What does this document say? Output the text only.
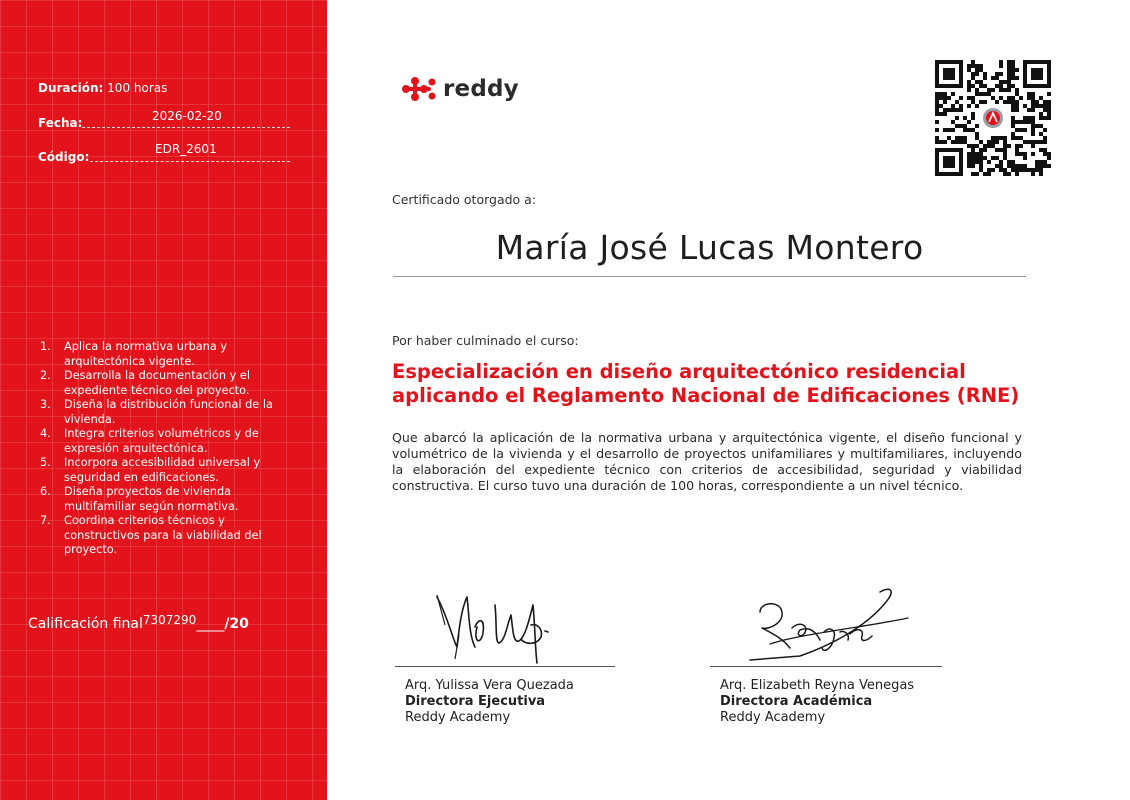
Duración: 100 horas
Fecha:	2026-02-20
Código:
EDR_2601
1. Aplica la normativa urbana y arquitectónica vigente.
2. Desarrolla la documentación y el expediente técnico del proyecto.
3. Diseña la distribución funcional de la vivienda.
4. Integra criterios volumétricos y de expresión arquitectónica.
5. Incorpora accesibilidad universal y seguridad en edificaciones.
6. Diseña proyectos de vivienda multifamiliar según normativa.
7. Coordina criterios técnicos y constructivos para la viabilidad del proyecto.
Calificación final7307290____/20
reddy
Certificado otorgado a:
María José Lucas Montero
Por haber culminado el curso:
Especialización en diseño arquitectónico residencial aplicando el Reglamento Nacional de Edificaciones (RNE)
Que abarcó la aplicación de la normativa urbana y arquitectónica vigente, el diseño funcional y volumétrico de la vivienda y el desarrollo de proyectos unifamiliares y multifamiliares, incluyendo la elaboración del expediente técnico con criterios de accesibilidad, seguridad y viabilidad constructiva. El curso tuvo una duración de 100 horas, correspondiente a un nivel técnico.
Arq. Yulissa Vera Quezada
Directora Ejecutiva
Reddy Academy
Arq. Elizabeth Reyna Venegas
Directora Académica
Reddy Academy
